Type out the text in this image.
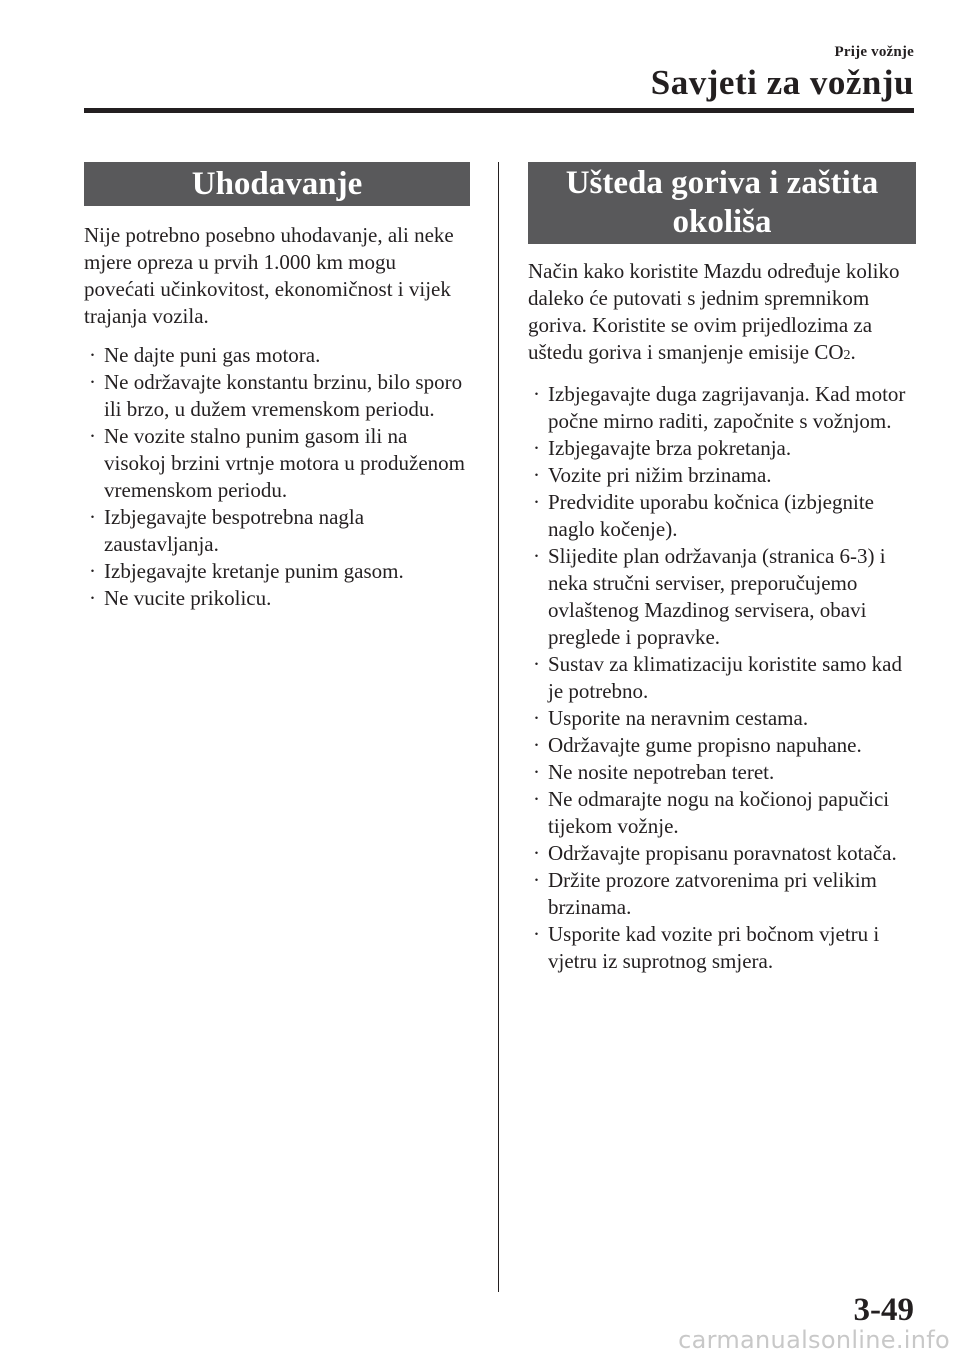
Prije vožnje
Savjeti za vožnju
Uhodavanje

Nije potrebno posebno uhodavanje, ali neke mjere opreza u prvih 1.000 km mogu povećati učinkovitost, ekonomičnost i vijek trajanja vozila.

· Ne dajte puni gas motora.
· Ne održavajte konstantu brzinu, bilo sporo ili brzo, u dužem vremenskom periodu.
· Ne vozite stalno punim gasom ili na visokoj brzini vrtnje motora u produženom vremenskom periodu.
· Izbjegavajte bespotrebna nagla zaustavljanja.
· Izbjegavajte kretanje punim gasom.
· Ne vucite prikolicu.
Ušteda goriva i zaštita okoliša

Način kako koristite Mazdu određuje koliko daleko će putovati s jednim spremnikom goriva. Koristite se ovim prijedlozima za uštedu goriva i smanjenje emisije CO2.

· Izbjegavajte duga zagrijavanja. Kad motor počne mirno raditi, započnite s vožnjom.
· Izbjegavajte brza pokretanja.
· Vozite pri nižim brzinama.
· Predvidite uporabu kočnica (izbjegnite naglo kočenje).
· Slijedite plan održavanja (stranica 6-3) i neka stručni serviser, preporučujemo ovlaštenog Mazdinog servisera, obavi preglede i popravke.
· Sustav za klimatizaciju koristite samo kad je potrebno.
· Usporite na neravnim cestama.
· Održavajte gume propisno napuhane.
· Ne nosite nepotreban teret.
· Ne odmarajte nogu na kočionoj papučici tijekom vožnje.
· Održavajte propisanu poravnatost kotača.
· Držite prozore zatvorenima pri velikim brzinama.
· Usporite kad vozite pri bočnom vjetru i vjetru iz suprotnog smjera.
3-49
carmanualsonline.info
